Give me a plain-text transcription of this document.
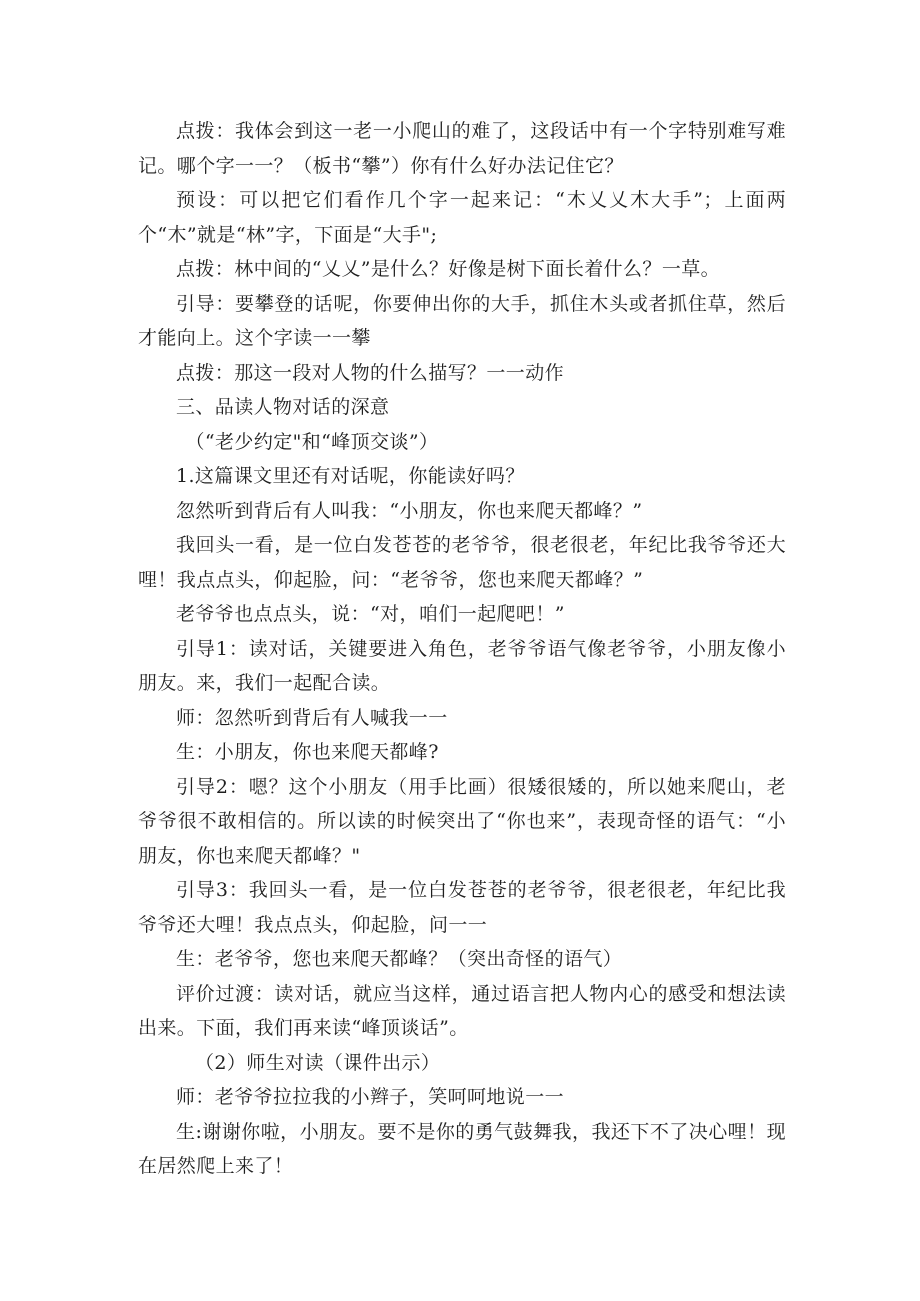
点拨：我体会到这一老一小爬山的难了，这段话中有一个字特别难写难记。哪个字一一？（板书“攀”）你有什么好办法记住它？

预设：可以把它们看作几个字一起来记：“木乂乂木大手”；上面两个“木”就是“林”字，下面是“大手";

点拨：林中间的“乂乂”是什么？好像是树下面长着什么？一草。

引导：要攀登的话呢，你要伸出你的大手，抓住木头或者抓住草，然后才能向上。这个字读一一攀

点拨：那这一段对人物的什么描写？一一动作

三、品读人物对话的深意

（“老少约定"和“峰顶交谈”）

1.这篇课文里还有对话呢，你能读好吗？

忽然听到背后有人叫我：“小朋友，你也来爬天都峰？”

我回头一看，是一位白发苍苍的老爷爷，很老很老，年纪比我爷爷还大哩！我点点头，仰起脸，问：“老爷爷，您也来爬天都峰？”

老爷爷也点点头，说：“对，咱们一起爬吧！”

引导1：读对话，关键要进入角色，老爷爷语气像老爷爷，小朋友像小朋友。来，我们一起配合读。

师：忽然听到背后有人喊我一一

生：小朋友，你也来爬天都峰?

引导2：嗯？这个小朋友（用手比画）很矮很矮的，所以她来爬山，老爷爷很不敢相信的。所以读的时候突出了“你也来”，表现奇怪的语气：“小朋友，你也来爬天都峰？"

引导3：我回头一看，是一位白发苍苍的老爷爷，很老很老，年纪比我爷爷还大哩！我点点头，仰起脸，问一一

生：老爷爷，您也来爬天都峰？（突出奇怪的语气）

评价过渡：读对话，就应当这样，通过语言把人物内心的感受和想法读出来。下面，我们再来读“峰顶谈话”。

（2）师生对读（课件出示）

师：老爷爷拉拉我的小辫子，笑呵呵地说一一

生:谢谢你啦，小朋友。要不是你的勇气鼓舞我，我还下不了决心哩！现在居然爬上来了！
